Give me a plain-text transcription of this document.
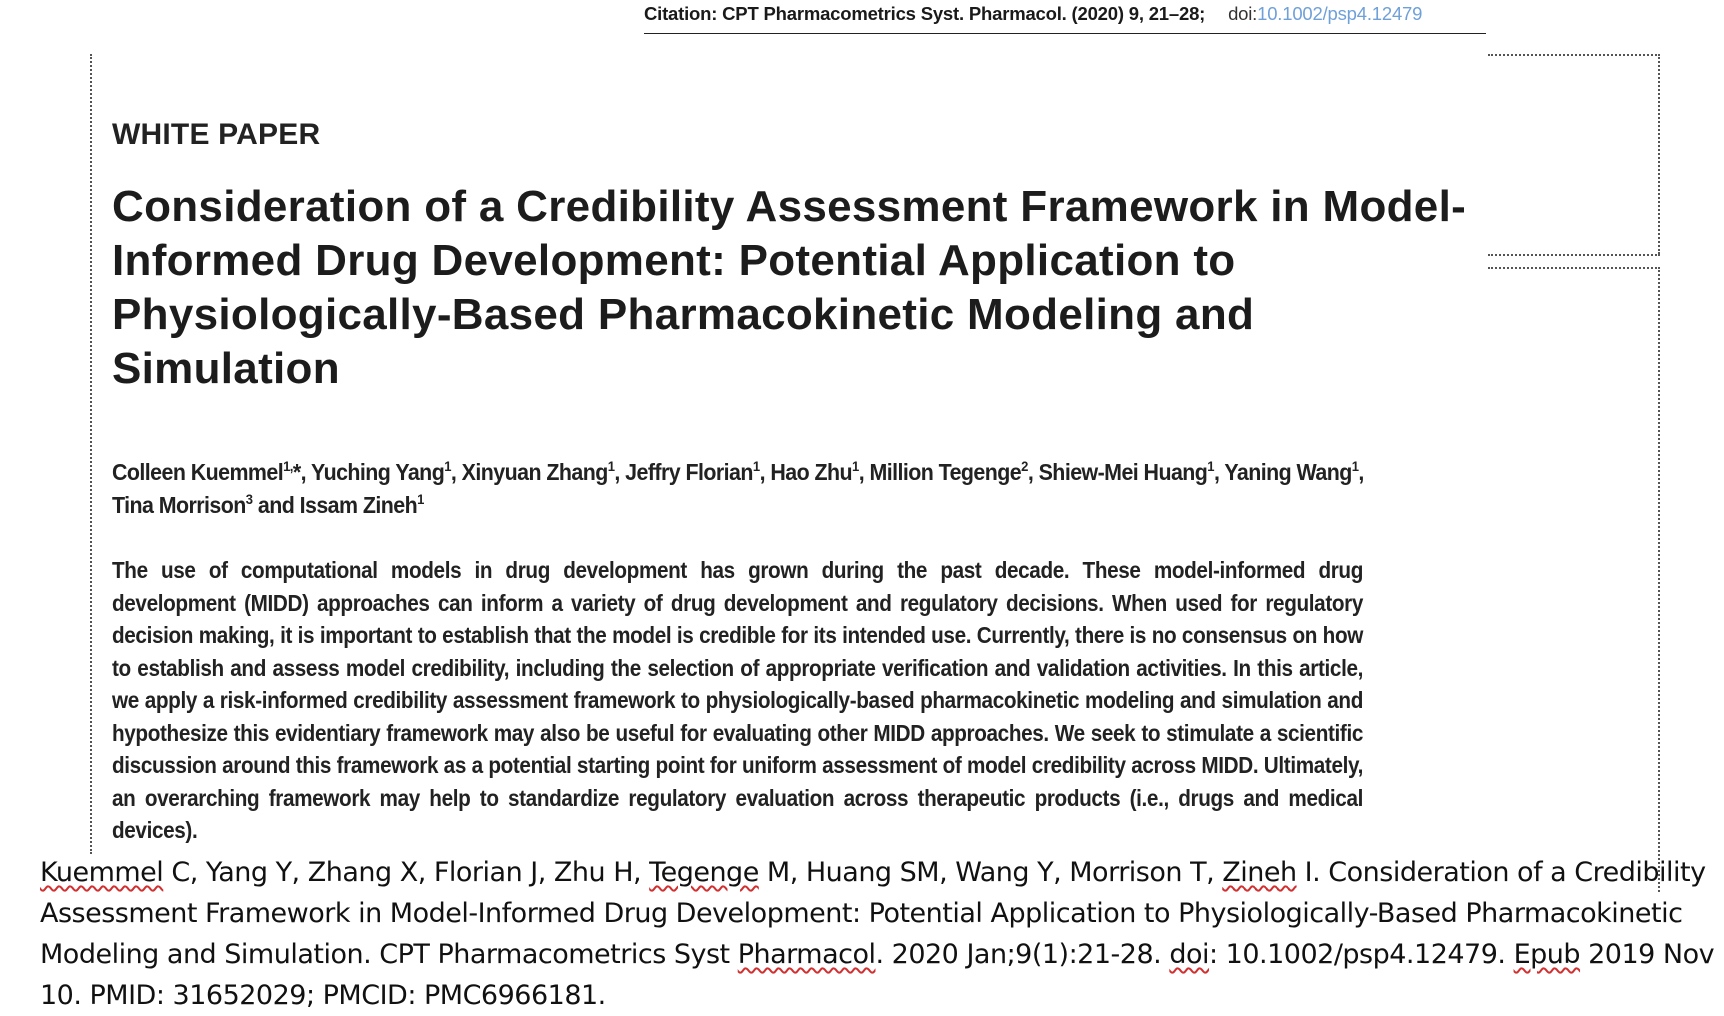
Citation: CPT Pharmacometrics Syst. Pharmacol. (2020) 9, 21–28; doi:10.1002/psp4.12479
WHITE PAPER
Consideration of a Credibility Assessment Framework in Model-Informed Drug Development: Potential Application to Physiologically-Based Pharmacokinetic Modeling and Simulation
Colleen Kuemmel$^{1,}$*, Yuching Yang$^1$, Xinyuan Zhang$^1$, Jeffry Florian$^1$, Hao Zhu$^1$, Million Tegenge$^2$, Shiew-Mei Huang$^1$, Yaning Wang$^1$,
Tina Morrison$^3$ and Issam Zineh$^1$
The use of computational models in drug development has grown during the past decade. These model-informed drug development (MIDD) approaches can inform a variety of drug development and regulatory decisions. When used for regulatory decision making, it is important to establish that the model is credible for its intended use. Currently, there is no consensus on how to establish and assess model credibility, including the selection of appropriate verification and validation activities. In this article, we apply a risk-informed credibility assessment framework to physiologically-based pharmacokinetic modeling and simulation and hypothesize this evidentiary framework may also be useful for evaluating other MIDD approaches. We seek to stimulate a scientific discussion around this framework as a potential starting point for uniform assessment of model credibility across MIDD. Ultimately, an overarching framework may help to standardize regulatory evaluation across therapeutic products (i.e., drugs and medical devices).
Kuemmel C, Yang Y, Zhang X, Florian J, Zhu H, Tegenge M, Huang SM, Wang Y, Morrison T, Zineh I. Consideration of a Credibility Assessment Framework in Model-Informed Drug Development: Potential Application to Physiologically-Based Pharmacokinetic Modeling and Simulation. CPT Pharmacometrics Syst Pharmacol. 2020 Jan;9(1):21-28. doi: 10.1002/psp4.12479. Epub 2019 Nov 10. PMID: 31652029; PMCID: PMC6966181.
